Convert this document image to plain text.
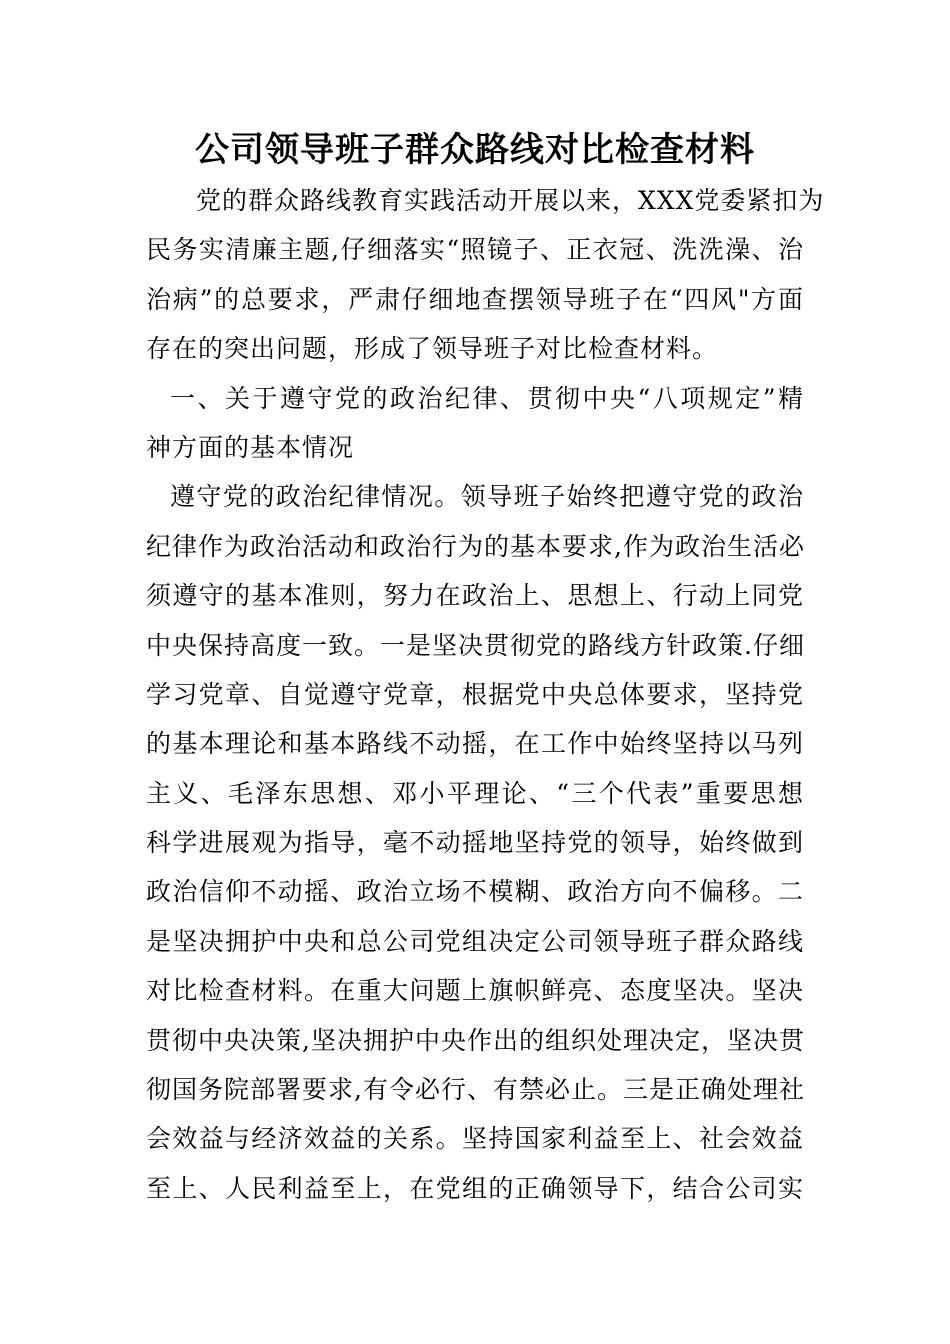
公司领导班子群众路线对比检查材料
党的群众路线教育实践活动开展以来，XXX党委紧扣为
民务实清廉主题,仔细落实“照镜子、正衣冠、洗洗澡、治
治病”的总要求，严肃仔细地查摆领导班子在“四风"方面
存在的突出问题，形成了领导班子对比检查材料。
一、关于遵守党的政治纪律、贯彻中央“八项规定”精
神方面的基本情况
遵守党的政治纪律情况。领导班子始终把遵守党的政治
纪律作为政治活动和政治行为的基本要求,作为政治生活必
须遵守的基本准则，努力在政治上、思想上、行动上同党
中央保持高度一致。一是坚决贯彻党的路线方针政策.仔细
学习党章、自觉遵守党章，根据党中央总体要求，坚持党
的基本理论和基本路线不动摇，在工作中始终坚持以马列
主义、毛泽东思想、邓小平理论、“三个代表”重要思想
科学进展观为指导，毫不动摇地坚持党的领导，始终做到
政治信仰不动摇、政治立场不模糊、政治方向不偏移。二
是坚决拥护中央和总公司党组决定公司领导班子群众路线
对比检查材料。在重大问题上旗帜鲜亮、态度坚决。坚决
贯彻中央决策,坚决拥护中央作出的组织处理决定，坚决贯
彻国务院部署要求,有令必行、有禁必止。三是正确处理社
会效益与经济效益的关系。坚持国家利益至上、社会效益
至上、人民利益至上，在党组的正确领导下，结合公司实
